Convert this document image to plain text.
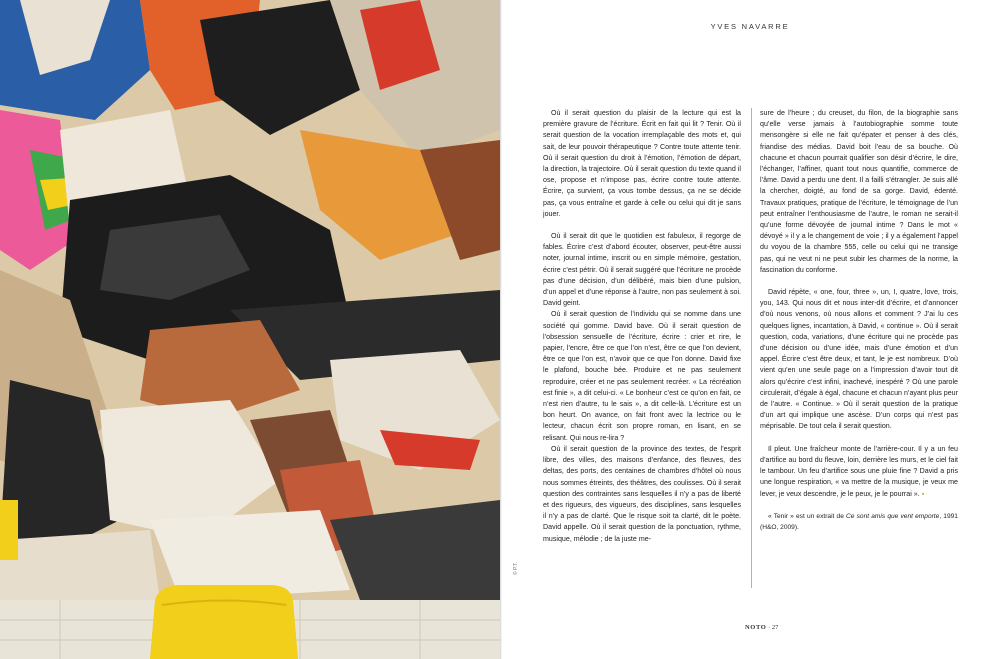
© P.T.
YVES NAVARRE

Où il serait question du plaisir de la lecture qui est la première gravure de l’écriture. Écrit en fait qui lit ? Tenir. Où il serait question de la vocation irremplaçable des mots et, qui sait, de leur pouvoir thérapeutique ? Contre toute attente tenir. Où il serait question du droit à l’émotion, l’émotion de départ, la direction, la trajectoire. Où il serait question du texte quand il ose, propose et n’impose pas, écrire contre toute attente. Écrire, ça survient, ça vous tombe dessus, ça ne se décide pas, ça vous entraîne et garde à celle ou celui qui dit je sans jouer.

Où il serait dit que le quotidien est fabuleux, il regorge de fables. Écrire c’est d’abord écouter, observer, peut-être aussi noter, journal intime, inscrit ou en simple mémoire, gestation, écrire c’est pétrir. Où il serait suggéré que l’écriture ne procède pas d’une décision, d’un délibéré, mais bien d’une pulsion, d’un appel et d’une réponse à l’autre, non pas seulement à soi. David geint.

Où il serait question de l’individu qui se nomme dans une société qui gomme. David bave. Où il serait question de l’obsession sensuelle de l’écriture, écrire : crier et rire, le papier, l’encre, être ce que l’on n’est, être ce que l’on devient, être ce que l’on est, n’avoir que ce que l’on donne. David fixe le plafond, bouche bée. Produire et ne pas seulement reproduire, créer et ne pas seulement recréer. « La récréation est finie », a dit celui-ci. « Le bonheur c’est ce qu’on en fait, ce n’est rien d’autre, tu le sais », a dit celle-là. L’écriture est un bon heurt. On avance, on fait front avec la lectrice ou le lecteur, chacun écrit son propre roman, en lisant, en se relisant. Qui nous re-lira ?

Où il serait question de la province des textes, de l’esprit libre, des villes, des maisons d’enfance, des fleuves, des deltas, des ports, des centaines de chambres d’hôtel où nous nous sommes étreints, des théâtres, des coulisses. Où il serait question des contraintes sans lesquelles il n’y a pas de liberté et des rigueurs, des vigueurs, des disciplines, sans lesquelles il n’y a pas de clarté. Que le risque soit ta clarté, dit le poète. David appelle. Où il serait question de la ponctuation, rythme, musique, mélodie ; de la juste me-

sure de l’heure ; du creuset, du filon, de la biographie sans qu’elle verse jamais à l’autobiographie somme toute mensongère si elle ne fait qu’épater et penser à des clés, friandise des médias. David boit l’eau de sa bouche. Où chacune et chacun pourrait qualifier son désir d’écrire, le dire, l’échanger, l’affiner, quant tout nous quantifie, commerce de l’âme. David a perdu une dent. Il a failli s’étrangler. Je suis allé la chercher, doigté, au fond de sa gorge. David, édenté. Travaux pratiques, pratique de l’écriture, le témoignage de l’un peut entraîner l’enthousiasme de l’autre, le roman ne serait-il qu’une forme dévoyée de journal intime ? Dans le mot « dévoyé » il y a le changement de voie ; il y a également l’appel du voyou de la chambre 555, celle ou celui qui ne transige pas, qui ne veut ni ne peut subir les charmes de la norme, la fascination du conforme.

David répète, « one, four, three », un, I, quatre, love, trois, you, 143. Qui nous dit et nous inter-dit d’écrire, et d’annoncer d’où nous venons, où nous allons et comment ? J’ai lu ces quelques lignes, incantation, à David, « continue ». Où il serait question, coda, variations, d’une écriture qui ne procède pas d’une décision ou d’une idée, mais d’une émotion et d’un appel. Écrire c’est être deux, et tant, le je est nombreux. D’où vient qu’en une seule page on a l’impression d’avoir tout dit alors qu’écrire c’est infini, inachevé, inespéré ? Où une parole circulerait, d’égale à égal, chacune et chacun n’ayant plus peur de l’autre. « Continue. » Où il serait question de la pratique d’un art qui implique une ascèse. D’un corps qui n’est pas méprisable. De tout cela il serait question.

Il pleut. Une fraîcheur monte de l’arrière-cour. Il y a un feu d’artifice au bord du fleuve, loin, derrière les murs, et le ciel fait le tambour. Un feu d’artifice sous une pluie fine ? David a pris une longue respiration, « va mettre de la musique, je veux me lever, je veux descendre, je le peux, je le pourrai ». ▪

« Tenir » est un extrait de Ce sont amis que vent emporte, 1991 (H&O, 2009).

NOTO · 27
